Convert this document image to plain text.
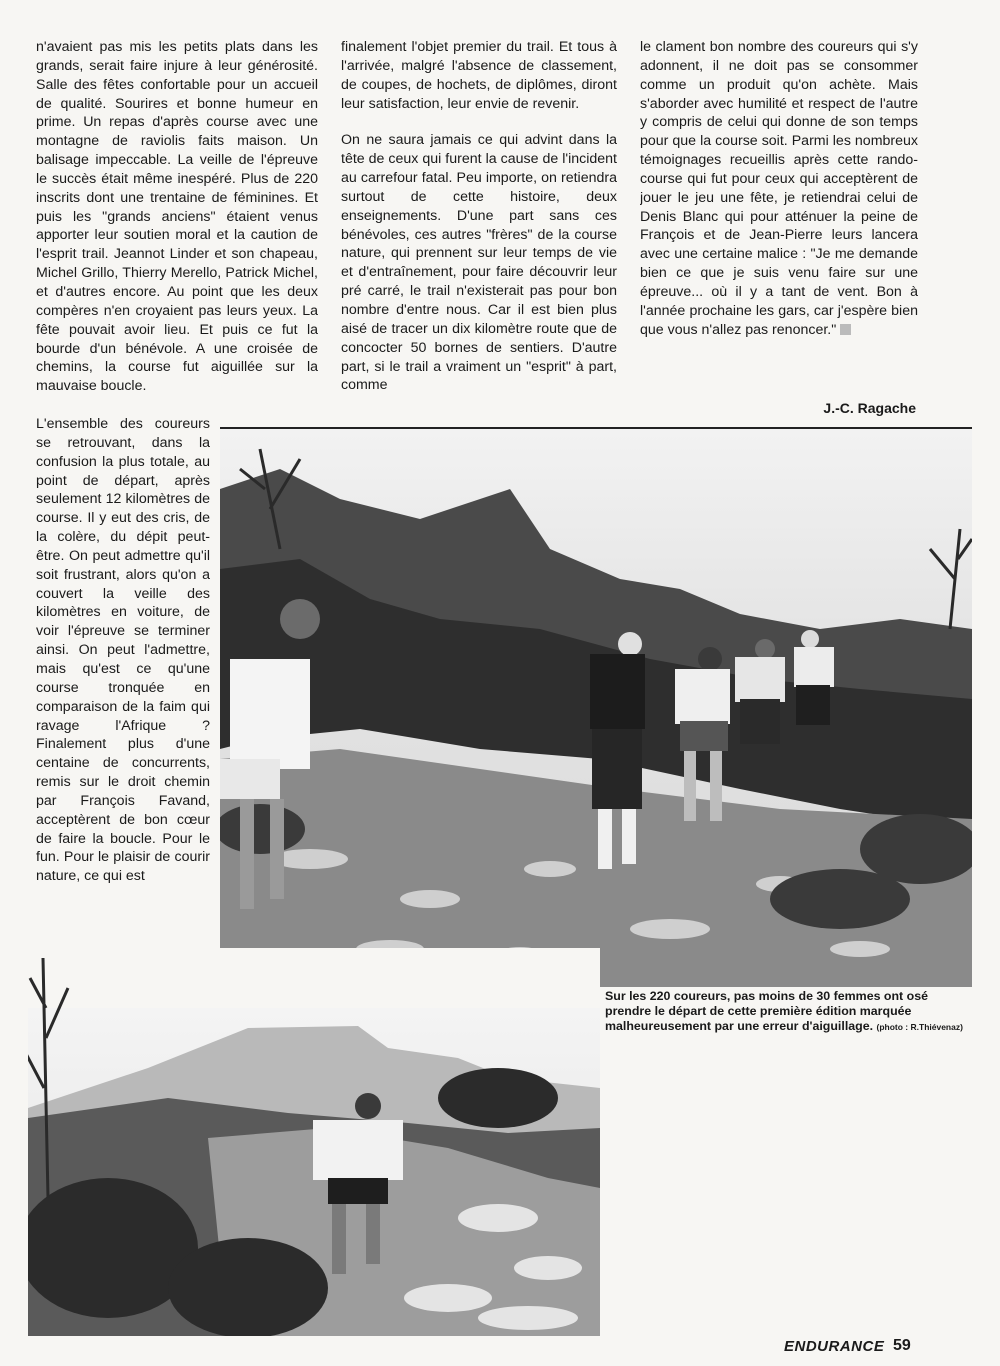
n'avaient pas mis les petits plats dans les grands, serait faire injure à leur générosité. Salle des fêtes confortable pour un accueil de qualité. Sourires et bonne humeur en prime. Un repas d'après course avec une montagne de raviolis faits maison. Un balisage impeccable. La veille de l'épreuve le succès était même inespéré. Plus de 220 inscrits dont une trentaine de féminines. Et puis les "grands anciens" étaient venus apporter leur soutien moral et la caution de l'esprit trail. Jeannot Linder et son chapeau, Michel Grillo, Thierry Merello, Patrick Michel, et d'autres encore. Au point que les deux compères n'en croyaient pas leurs yeux. La fête pouvait avoir lieu. Et puis ce fut la bourde d'un bénévole. A une croisée de chemins, la course fut aiguillée sur la mauvaise boucle.

L'ensemble des coureurs se retrouvant, dans la confusion la plus totale, au point de départ, après seulement 12 kilomètres de course. Il y eut des cris, de la colère, du dépit peut-être. On peut admettre qu'il soit frustrant, alors qu'on a couvert la veille des kilomètres en voiture, de voir l'épreuve se terminer ainsi. On peut l'admettre, mais qu'est ce qu'une course tronquée en comparaison de la faim qui ravage l'Afrique ? Finalement plus d'une centaine de concurrents, remis sur le droit chemin par François Favand, acceptèrent de bon cœur de faire la boucle. Pour le fun. Pour le plaisir de courir nature, ce qui est

finalement l'objet premier du trail. Et tous à l'arrivée, malgré l'absence de classement, de coupes, de hochets, de diplômes, diront leur satisfaction, leur envie de revenir.

On ne saura jamais ce qui advint dans la tête de ceux qui furent la cause de l'incident au carrefour fatal. Peu importe, on retiendra surtout de cette histoire, deux enseignements. D'une part sans ces bénévoles, ces autres "frères" de la course nature, qui prennent sur leur temps de vie et d'entraînement, pour faire découvrir leur pré carré, le trail n'existerait pas pour bon nombre d'entre nous. Car il est bien plus aisé de tracer un dix kilomètre route que de concocter 50 bornes de sentiers. D'autre part, si le trail a vraiment un "esprit" à part, comme

le clament bon nombre des coureurs qui s'y adonnent, il ne doit pas se consommer comme un produit qu'on achète. Mais s'aborder avec humilité et respect de l'autre y compris de celui qui donne de son temps pour que la course soit. Parmi les nombreux témoignages recueillis après cette rando-course qui fut pour ceux qui acceptèrent de jouer le jeu une fête, je retiendrai celui de Denis Blanc qui pour atténuer la peine de François et de Jean-Pierre leurs lancera avec une certaine malice : "Je me demande bien ce que je suis venu faire sur une épreuve... où il y a tant de vent. Bon à l'année prochaine les gars, car j'espère bien que vous n'allez pas renoncer."

J.-C. Ragache
Sur les 220 coureurs, pas moins de 30 femmes ont osé prendre le départ de cette première édition marquée malheureusement par une erreur d'aiguillage. (photo : R.Thiévenaz)
ENDURANCE 59
